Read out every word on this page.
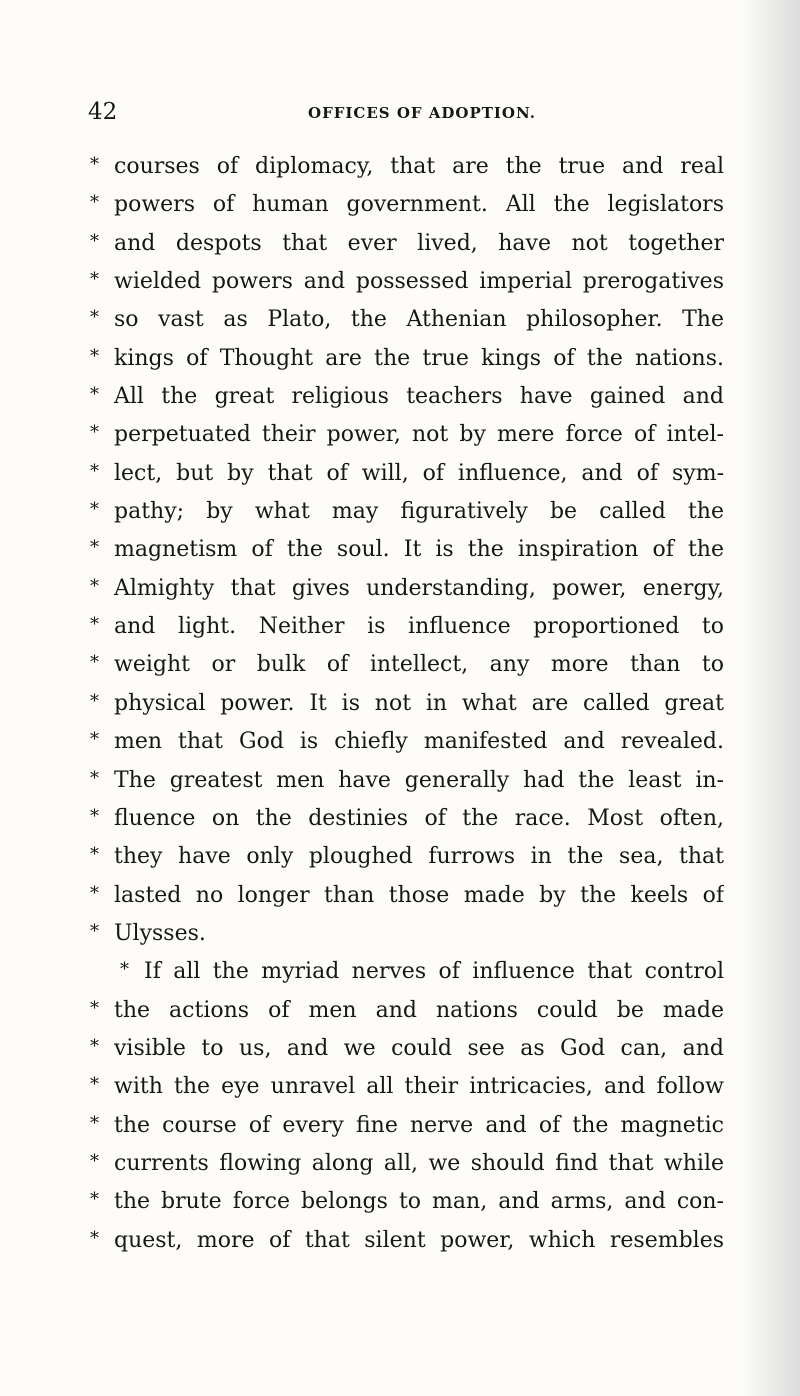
42	OFFICES OF ADOPTION.
* courses of diplomacy, that are the true and real
* powers of human government. All the legislators
* and despots that ever lived, have not together
* wielded powers and possessed imperial prerogatives
* so vast as Plato, the Athenian philosopher. The
* kings of Thought are the true kings of the nations.
* All the great religious teachers have gained and
* perpetuated their power, not by mere force of intel-
* lect, but by that of will, of influence, and of sym-
* pathy; by what may figuratively be called the
* magnetism of the soul. It is the inspiration of the
* Almighty that gives understanding, power, energy,
* and light. Neither is influence proportioned to
* weight or bulk of intellect, any more than to
* physical power. It is not in what are called great
* men that God is chiefly manifested and revealed.
* The greatest men have generally had the least in-
* fluence on the destinies of the race. Most often,
* they have only ploughed furrows in the sea, that
* lasted no longer than those made by the keels of
* Ulysses.
* If all the myriad nerves of influence that control
* the actions of men and nations could be made
* visible to us, and we could see as God can, and
* with the eye unravel all their intricacies, and follow
* the course of every fine nerve and of the magnetic
* currents flowing along all, we should find that while
* the brute force belongs to man, and arms, and con-
* quest, more of that silent power, which resembles
